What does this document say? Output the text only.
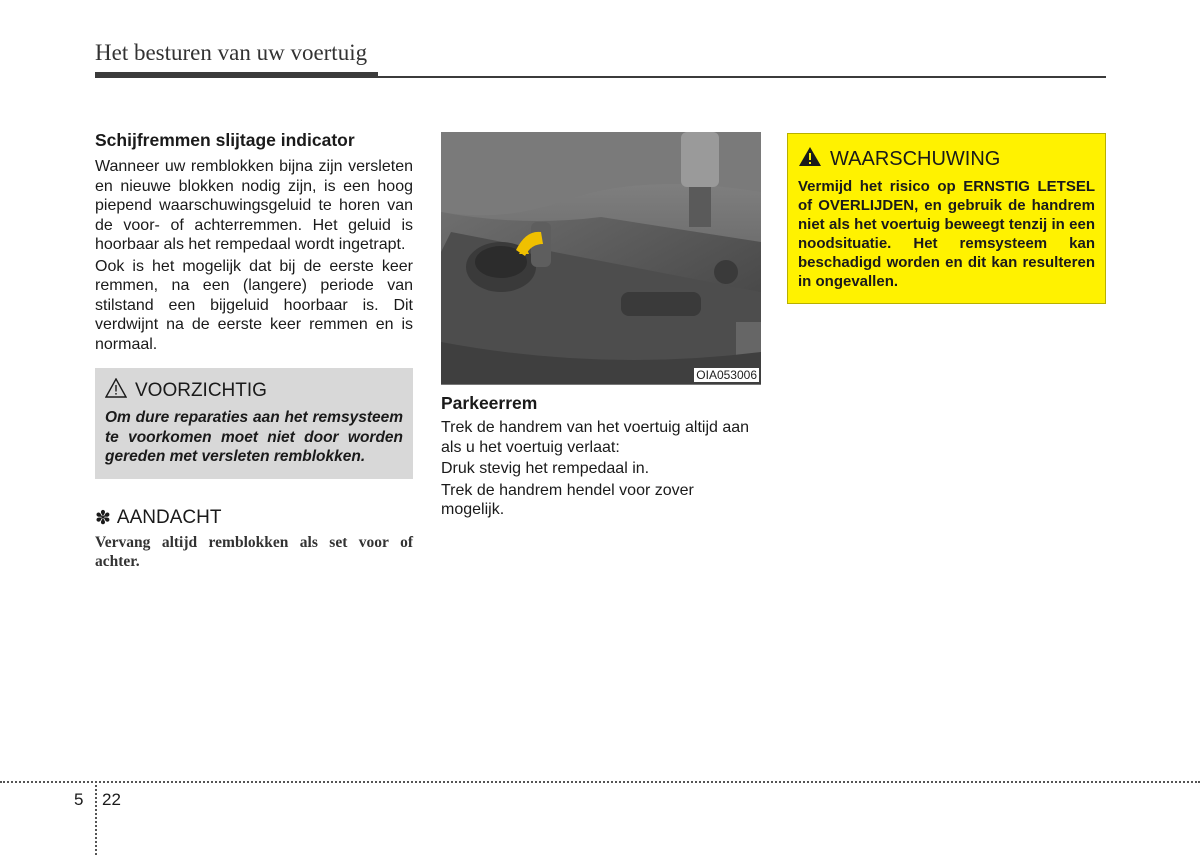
Het besturen van uw voertuig
Schijfremmen slijtage indicator

Wanneer uw remblokken bijna zijn versleten en nieuwe blokken nodig zijn, is een hoog piepend waarschuwingsgeluid te horen van de voor- of achterremmen. Het geluid is hoorbaar als het rempedaal wordt ingetrapt.

Ook is het mogelijk dat bij de eerste keer remmen, na een (langere) periode van stilstand een bijgeluid hoorbaar is. Dit verdwijnt na de eerste keer remmen en is normaal.

VOORZICHTIG
Om dure reparaties aan het remsysteem te voorkomen moet niet door worden gereden met versleten remblokken.
✽ AANDACHT
Vervang altijd remblokken als set voor of achter.
OIA053006
Parkeerrem

Trek de handrem van het voertuig altijd aan als u het voertuig verlaat:

Druk stevig het rempedaal in.

Trek de handrem hendel voor zover mogelijk.

WAARSCHUWING
Vermijd het risico op ERNSTIG LETSEL of OVERLIJDEN, en gebruik de handrem niet als het voertuig beweegt tenzij in een noodsituatie. Het remsysteem kan beschadigd worden en dit kan resulteren in ongevallen.
5 22
